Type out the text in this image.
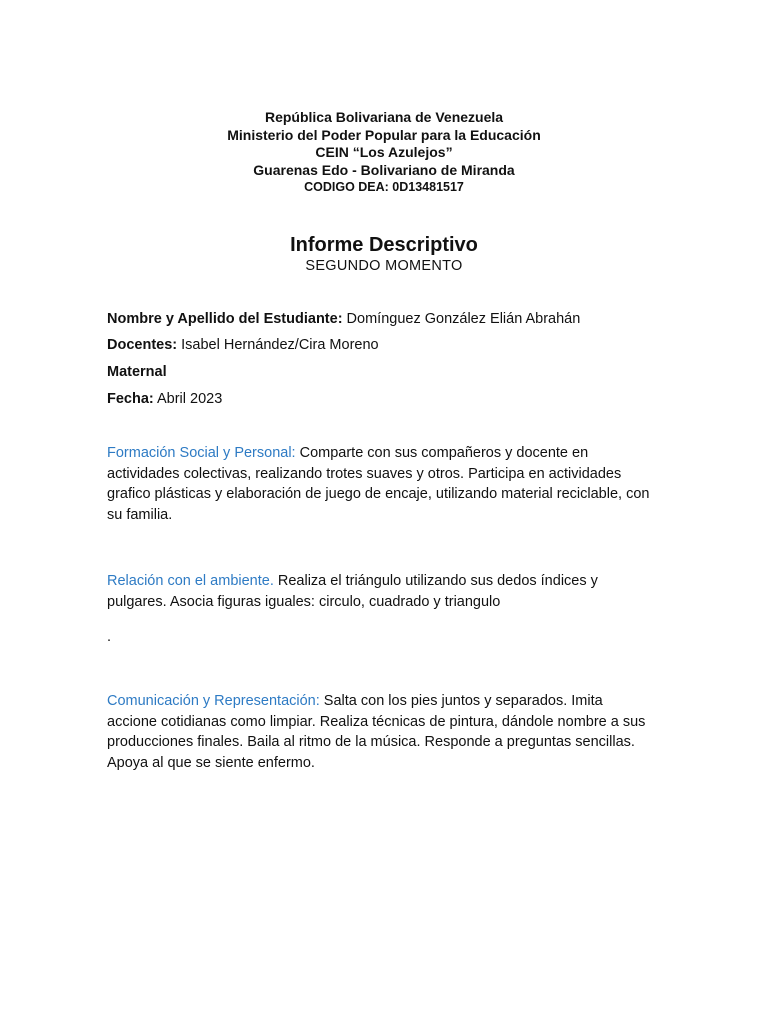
República Bolivariana de Venezuela

Ministerio del Poder Popular para la Educación

CEIN “Los Azulejos”

Guarenas Edo - Bolivariano de Miranda

CODIGO DEA: 0D13481517

Informe Descriptivo

SEGUNDO MOMENTO

Nombre y Apellido del Estudiante: Domínguez González Elián Abrahán
Docentes: Isabel Hernández/Cira Moreno
Maternal
Fecha: Abril 2023

Formación Social y Personal: Comparte con sus compañeros y docente en actividades colectivas, realizando trotes suaves y otros. Participa en actividades grafico plásticas y elaboración de juego de encaje, utilizando material reciclable, con su familia.

Relación con el ambiente. Realiza el triángulo utilizando sus dedos índices y pulgares. Asocia figuras iguales: circulo, cuadrado y triangulo

.

Comunicación y Representación: Salta con los pies juntos y separados. Imita accione cotidianas como limpiar. Realiza técnicas de pintura, dándole nombre a sus producciones finales. Baila al ritmo de la música. Responde a preguntas sencillas. Apoya al que se siente enfermo.
